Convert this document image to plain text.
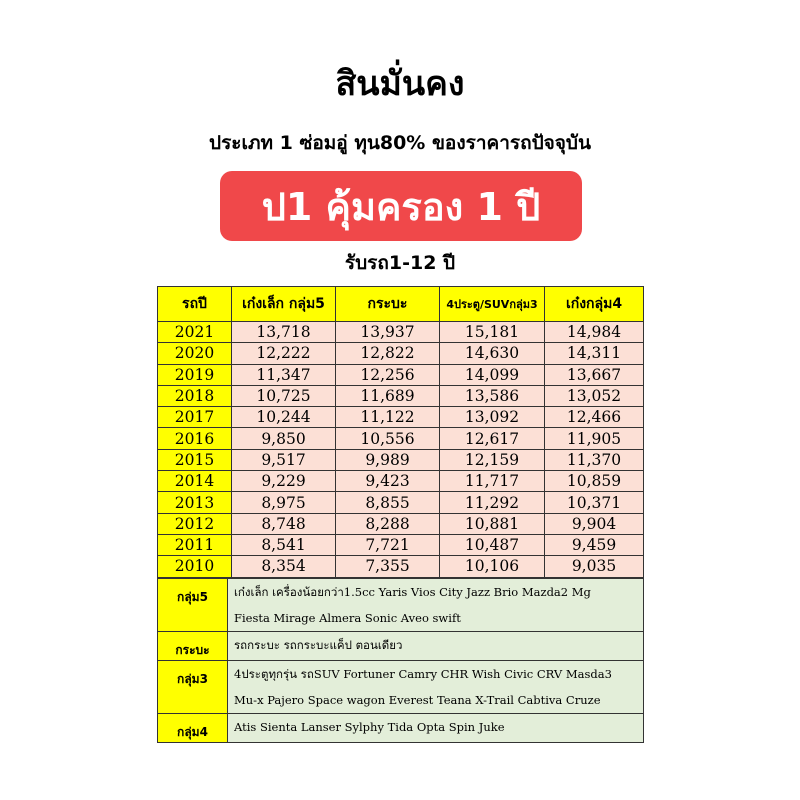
สินมั่นคง
ประเภท 1 ซ่อมอู่ ทุน80% ของราคารถปัจจุบัน
ป1 คุ้มครอง 1 ปี
รับรถ1-12 ปี
รถปี	เก๋งเล็ก กลุ่ม5	กระบะ	4ประตู/SUVกลุ่ม3	เก๋งกลุ่ม4
2021	13,718	13,937	15,181	14,984
2020	12,222	12,822	14,630	14,311
2019	11,347	12,256	14,099	13,667
2018	10,725	11,689	13,586	13,052
2017	10,244	11,122	13,092	12,466
2016	9,850	10,556	12,617	11,905
2015	9,517	9,989	12,159	11,370
2014	9,229	9,423	11,717	10,859
2013	8,975	8,855	11,292	10,371
2012	8,748	8,288	10,881	9,904
2011	8,541	7,721	10,487	9,459
2010	8,354	7,355	10,106	9,035
กลุ่ม5	เก๋งเล็ก เครื่องน้อยกว่า1.5cc Yaris Vios City Jazz Brio Mazda2 Mg
Fiesta Mirage Almera Sonic Aveo swift

กระบะ	รถกระบะ รถกระบะแค็ป ตอนเดียว

กลุ่ม3	4ประตูทุกรุ่น รถSUV Fortuner Camry CHR Wish Civic CRV Masda3
Mu-x Pajero Space wagon Everest Teana X-Trail Cabtiva Cruze

กลุ่ม4	Atis Sienta Lanser Sylphy Tida Opta Spin Juke
